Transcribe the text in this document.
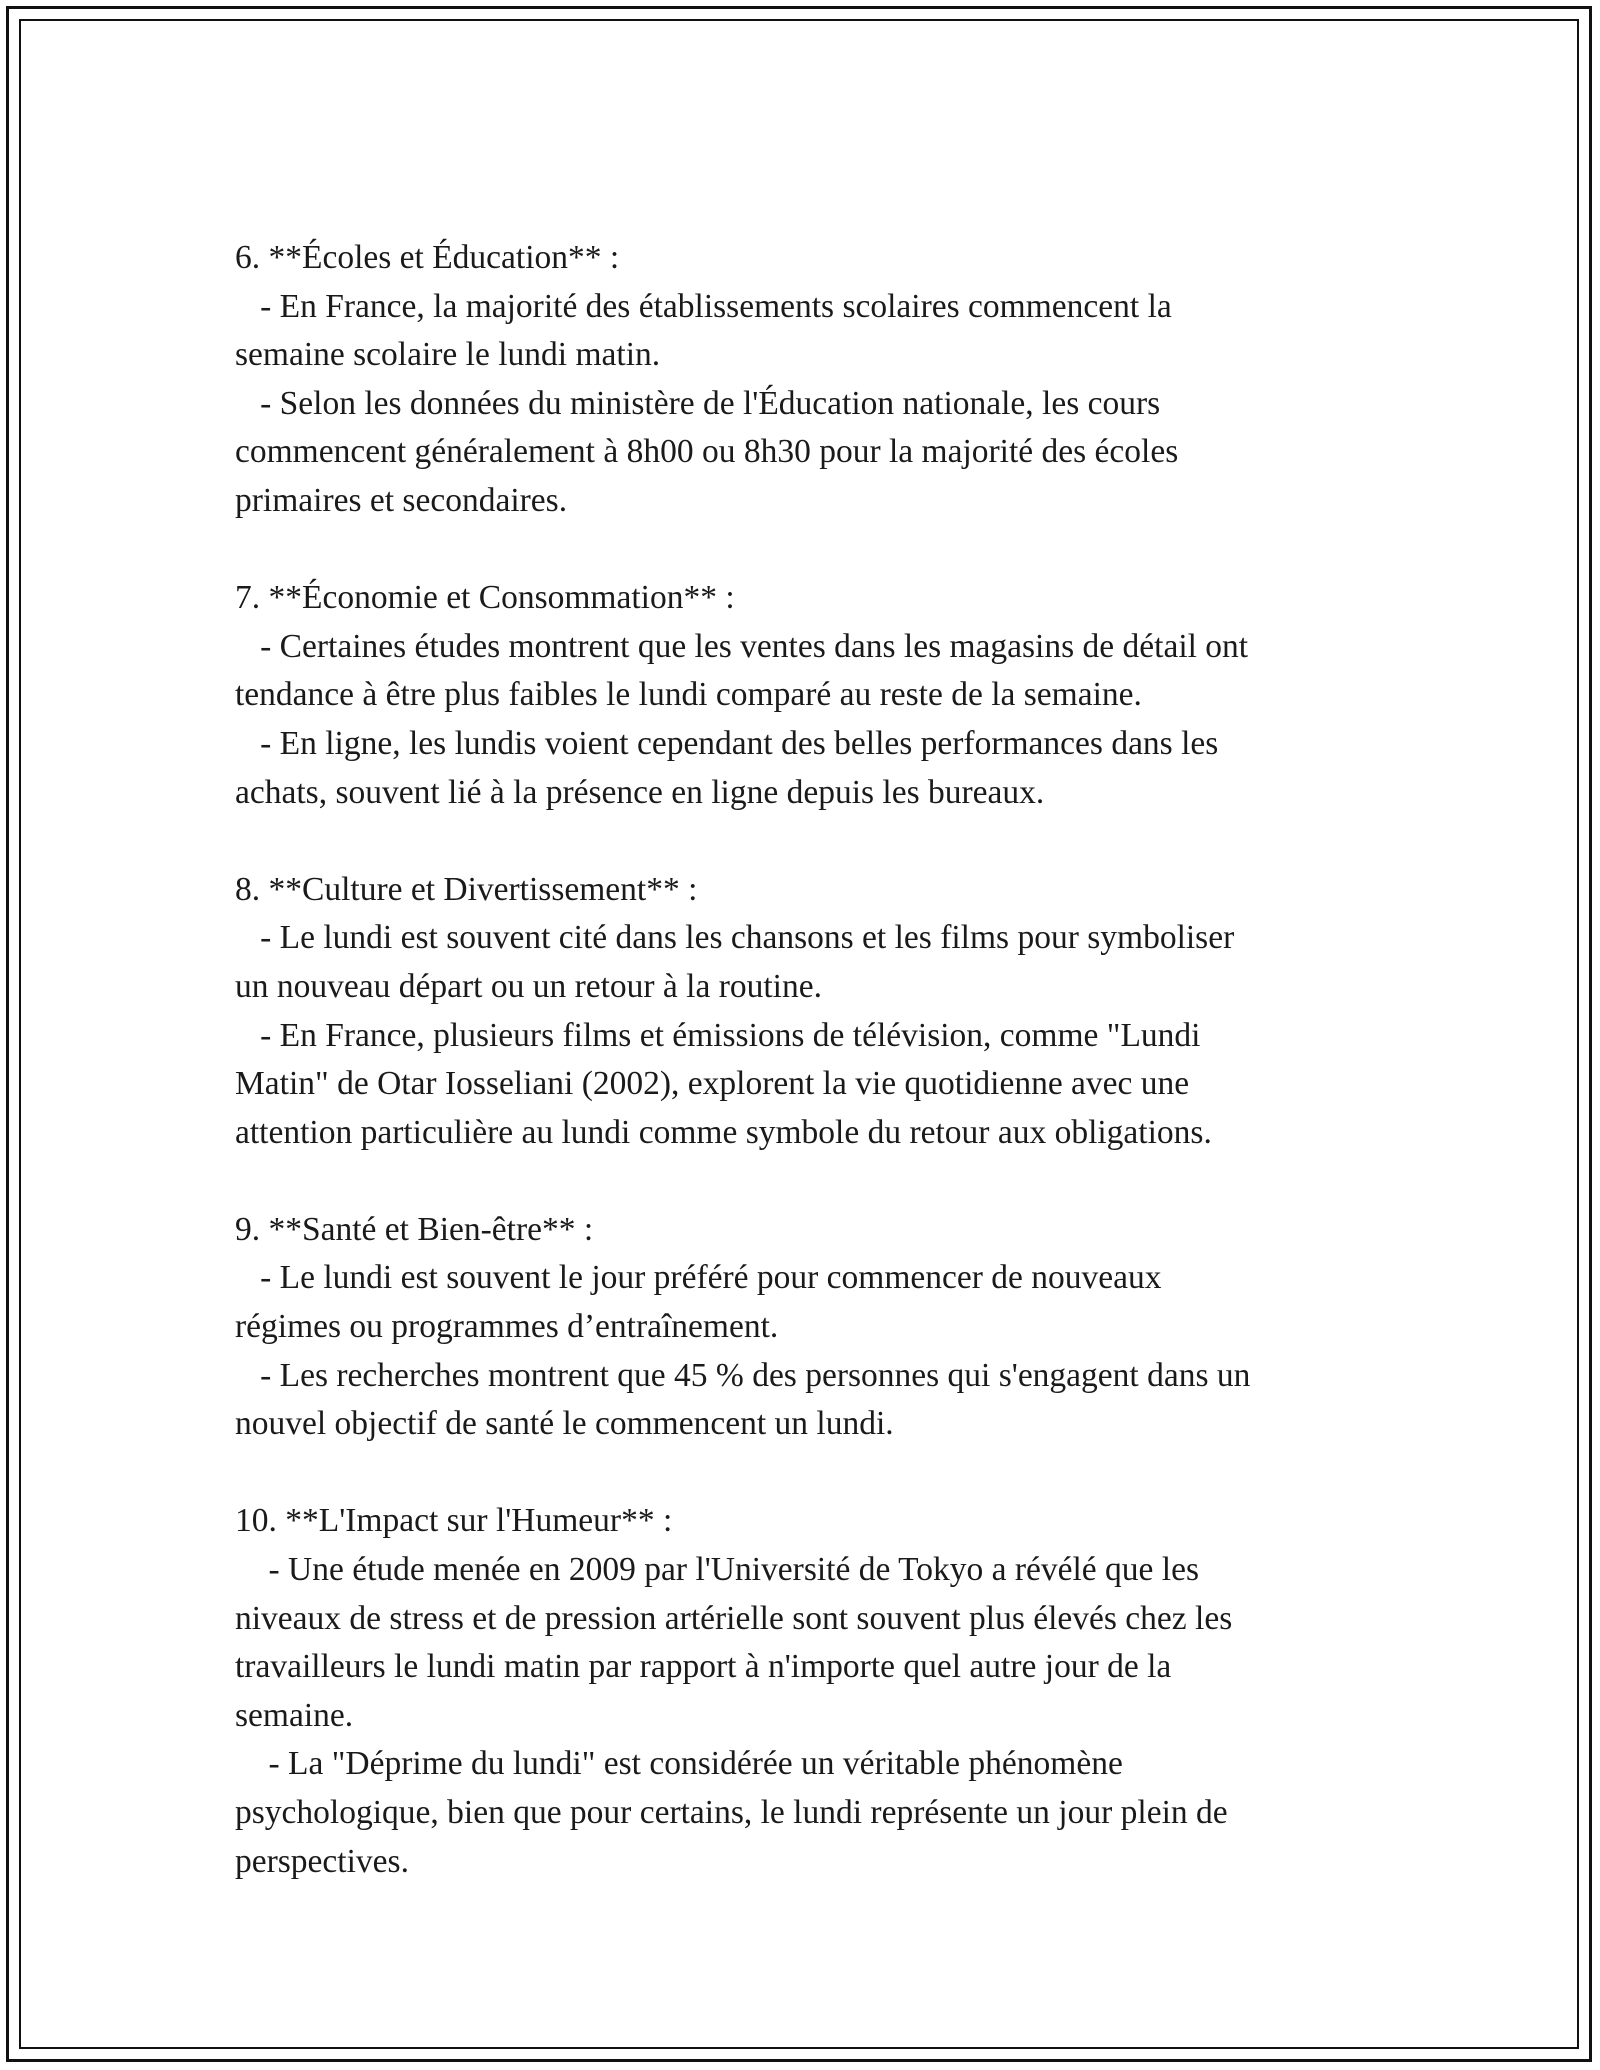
6. **Écoles et Éducation** :
- En France, la majorité des établissements scolaires commencent la
semaine scolaire le lundi matin.
- Selon les données du ministère de l'Éducation nationale, les cours
commencent généralement à 8h00 ou 8h30 pour la majorité des écoles
primaires et secondaires.
7. **Économie et Consommation** :
- Certaines études montrent que les ventes dans les magasins de détail ont
tendance à être plus faibles le lundi comparé au reste de la semaine.
- En ligne, les lundis voient cependant des belles performances dans les
achats, souvent lié à la présence en ligne depuis les bureaux.
8. **Culture et Divertissement** :
- Le lundi est souvent cité dans les chansons et les films pour symboliser
un nouveau départ ou un retour à la routine.
- En France, plusieurs films et émissions de télévision, comme "Lundi
Matin" de Otar Iosseliani (2002), explorent la vie quotidienne avec une
attention particulière au lundi comme symbole du retour aux obligations.
9. **Santé et Bien-être** :
- Le lundi est souvent le jour préféré pour commencer de nouveaux
régimes ou programmes d’entraînement.
- Les recherches montrent que 45 % des personnes qui s'engagent dans un
nouvel objectif de santé le commencent un lundi.
10. **L'Impact sur l'Humeur** :
- Une étude menée en 2009 par l'Université de Tokyo a révélé que les
niveaux de stress et de pression artérielle sont souvent plus élevés chez les
travailleurs le lundi matin par rapport à n'importe quel autre jour de la
semaine.
- La "Déprime du lundi" est considérée un véritable phénomène
psychologique, bien que pour certains, le lundi représente un jour plein de
perspectives.
